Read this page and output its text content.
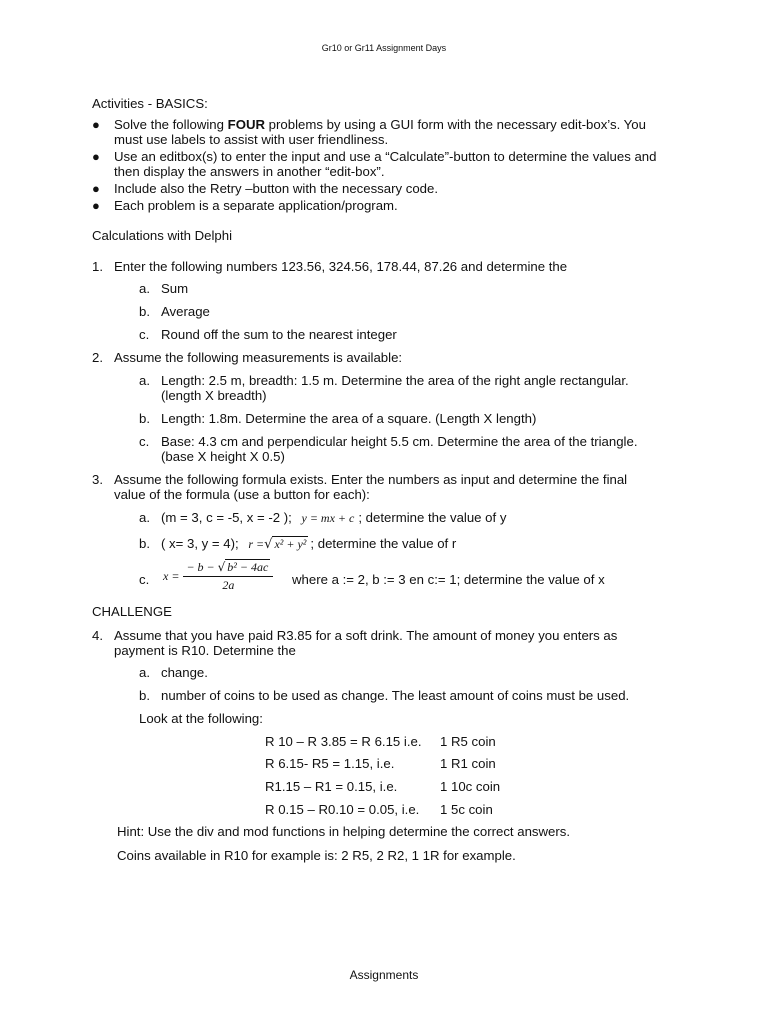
Gr10 or Gr11 Assignment Days
Activities - BASICS:
● Solve the following FOUR problems by using a GUI form with the necessary edit-box’s. You must use labels to assist with user friendliness.
● Use an editbox(s) to enter the input and use a “Calculate”-button to determine the values and then display the answers in another “edit-box”.
● Include also the Retry –button with the necessary code.
● Each problem is a separate application/program.
Calculations with Delphi
1. Enter the following numbers 123.56, 324.56, 178.44, 87.26 and determine the
a. Sum
b. Average
c. Round off the sum to the nearest integer
2. Assume the following measurements is available:
a. Length: 2.5 m, breadth: 1.5 m. Determine the area of the right angle rectangular.
(length X breadth)
b. Length: 1.8m. Determine the area of a square. (Length X length)
c. Base: 4.3 cm and perpendicular height 5.5 cm. Determine the area of the triangle.
(base X height X 0.5)
3. Assume the following formula exists. Enter the numbers as input and determine the final
value of the formula (use a button for each):
a. (m = 3, c = -5, x = -2 ); y = mx + c ; determine the value of y
b. ( x= 3, y = 4); r =√ x² + y² ; determine the value of r
c. $x = \frac{\text{− b − √ b² − 4ac}}{2a}$ where a := 2, b := 3 en c:= 1; determine the value of x
CHALLENGE
4. Assume that you have paid R3.85 for a soft drink. The amount of money you enters as
payment is R10. Determine the
a. change.
b. number of coins to be used as change. The least amount of coins must be used.
Look at the following:
R 10 – R 3.85 = R 6.15 i.e. 1 R5 coin
R 6.15- R5 = 1.15, i.e.	1 R1 coin
R1.15 – R1 = 0.15, i.e.	1 10c coin
R 0.15 – R0.10 = 0.05, i.e. 1 5c coin
Hint: Use the div and mod functions in helping determine the correct answers.
Coins available in R10 for example is: 2 R5, 2 R2, 1 1R for example.
Assignments
